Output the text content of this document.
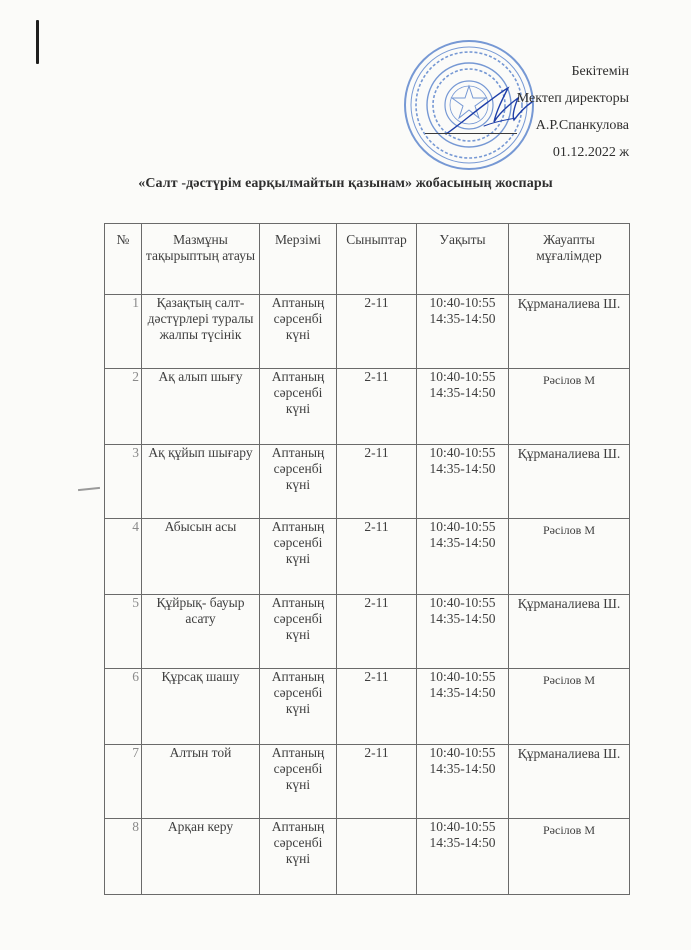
Бекітемін
Мектеп директоры
А.Р.Спанкулова
01.12.2022 ж
«Салт -дәстүрім еарқылмайтын қазынам» жобасының жоспары
№	Мазмұны тақырыптың атауы	Мерзімі	Сыныптар	Уақыты	Жауапты мұғалімдер
1	Қазақтың салт-дәстүрлері туралы жалпы түсінік	Аптаның сәрсенбі күні	2-11	10:40-10:55 14:35-14:50	Құрманалиева Ш.
2	Ақ алып шығу	Аптаның сәрсенбі күні	2-11	10:40-10:55 14:35-14:50	Рәсілов М
3	Ақ құйып шығару	Аптаның сәрсенбі күні	2-11	10:40-10:55 14:35-14:50	Құрманалиева Ш.
4	Абысын асы	Аптаның сәрсенбі күні	2-11	10:40-10:55 14:35-14:50	Рәсілов М
5	Құйрық- бауыр асату	Аптаның сәрсенбі күні	2-11	10:40-10:55 14:35-14:50	Құрманалиева Ш.
6	Құрсақ шашу	Аптаның сәрсенбі күні	2-11	10:40-10:55 14:35-14:50	Рәсілов М
7	Алтын той	Аптаның сәрсенбі күні	2-11	10:40-10:55 14:35-14:50	Құрманалиева Ш.
8	Арқан керу	Аптаның сәрсенбі күні		10:40-10:55 14:35-14:50	Рәсілов М
